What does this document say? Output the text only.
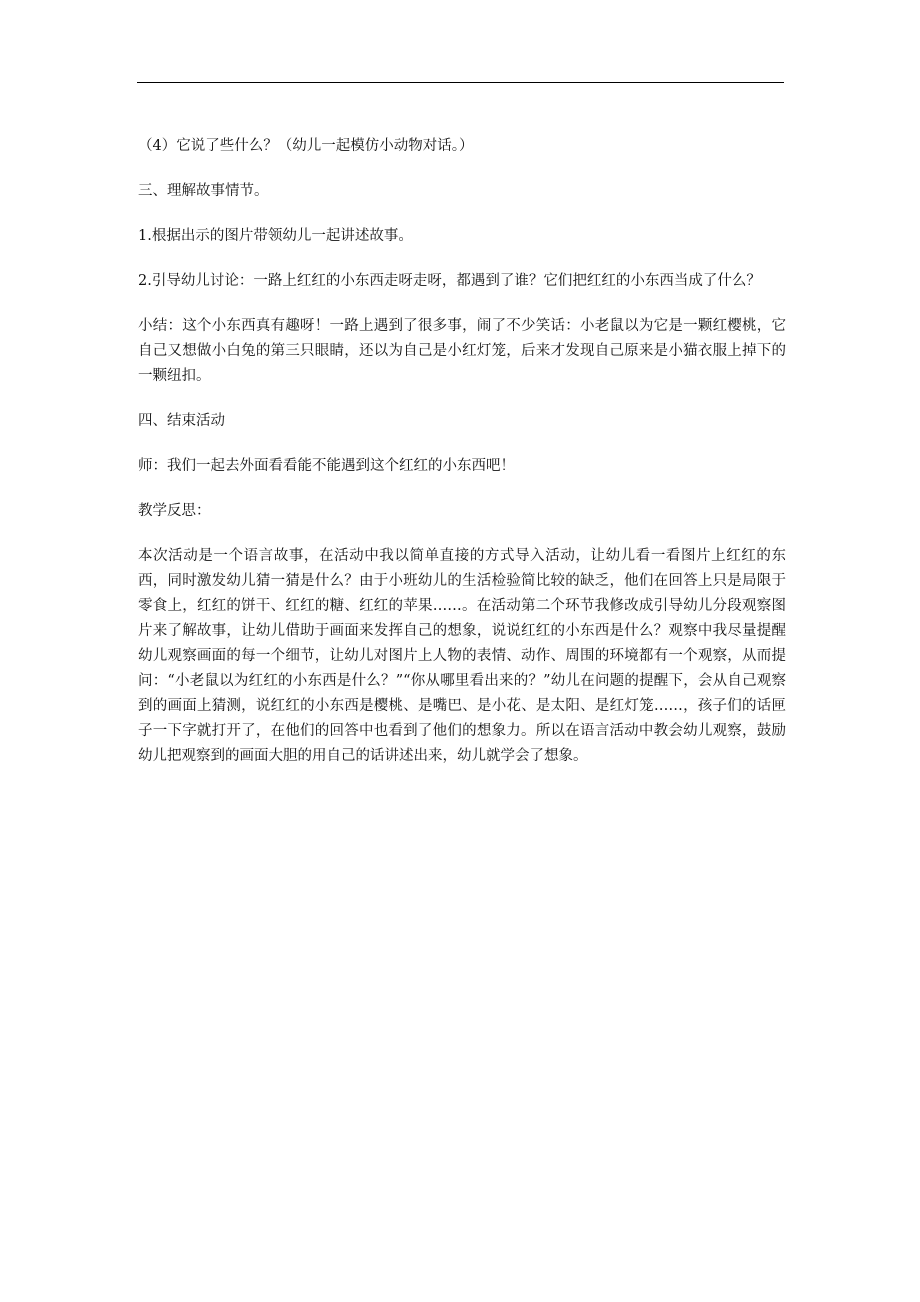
（4）它说了些什么？（幼儿一起模仿小动物对话。）

三、理解故事情节。

1.根据出示的图片带领幼儿一起讲述故事。

2.引导幼儿讨论：一路上红红的小东西走呀走呀，都遇到了谁？它们把红红的小东西当成了什么？

小结：这个小东西真有趣呀！一路上遇到了很多事，闹了不少笑话：小老鼠以为它是一颗红樱桃，它自己又想做小白兔的第三只眼睛，还以为自己是小红灯笼，后来才发现自己原来是小猫衣服上掉下的一颗纽扣。

四、结束活动

师：我们一起去外面看看能不能遇到这个红红的小东西吧！

教学反思：

本次活动是一个语言故事，在活动中我以简单直接的方式导入活动，让幼儿看一看图片上红红的东西，同时激发幼儿猜一猜是什么？由于小班幼儿的生活检验简比较的缺乏，他们在回答上只是局限于零食上，红红的饼干、红红的糖、红红的苹果……。在活动第二个环节我修改成引导幼儿分段观察图片来了解故事，让幼儿借助于画面来发挥自己的想象，说说红红的小东西是什么？观察中我尽量提醒幼儿观察画面的每一个细节，让幼儿对图片上人物的表情、动作、周围的环境都有一个观察，从而提问：“小老鼠以为红红的小东西是什么？”“你从哪里看出来的？”幼儿在问题的提醒下，会从自己观察到的画面上猜测，说红红的小东西是樱桃、是嘴巴、是小花、是太阳、是红灯笼……，孩子们的话匣子一下字就打开了，在他们的回答中也看到了他们的想象力。所以在语言活动中教会幼儿观察，鼓励幼儿把观察到的画面大胆的用自己的话讲述出来，幼儿就学会了想象。
